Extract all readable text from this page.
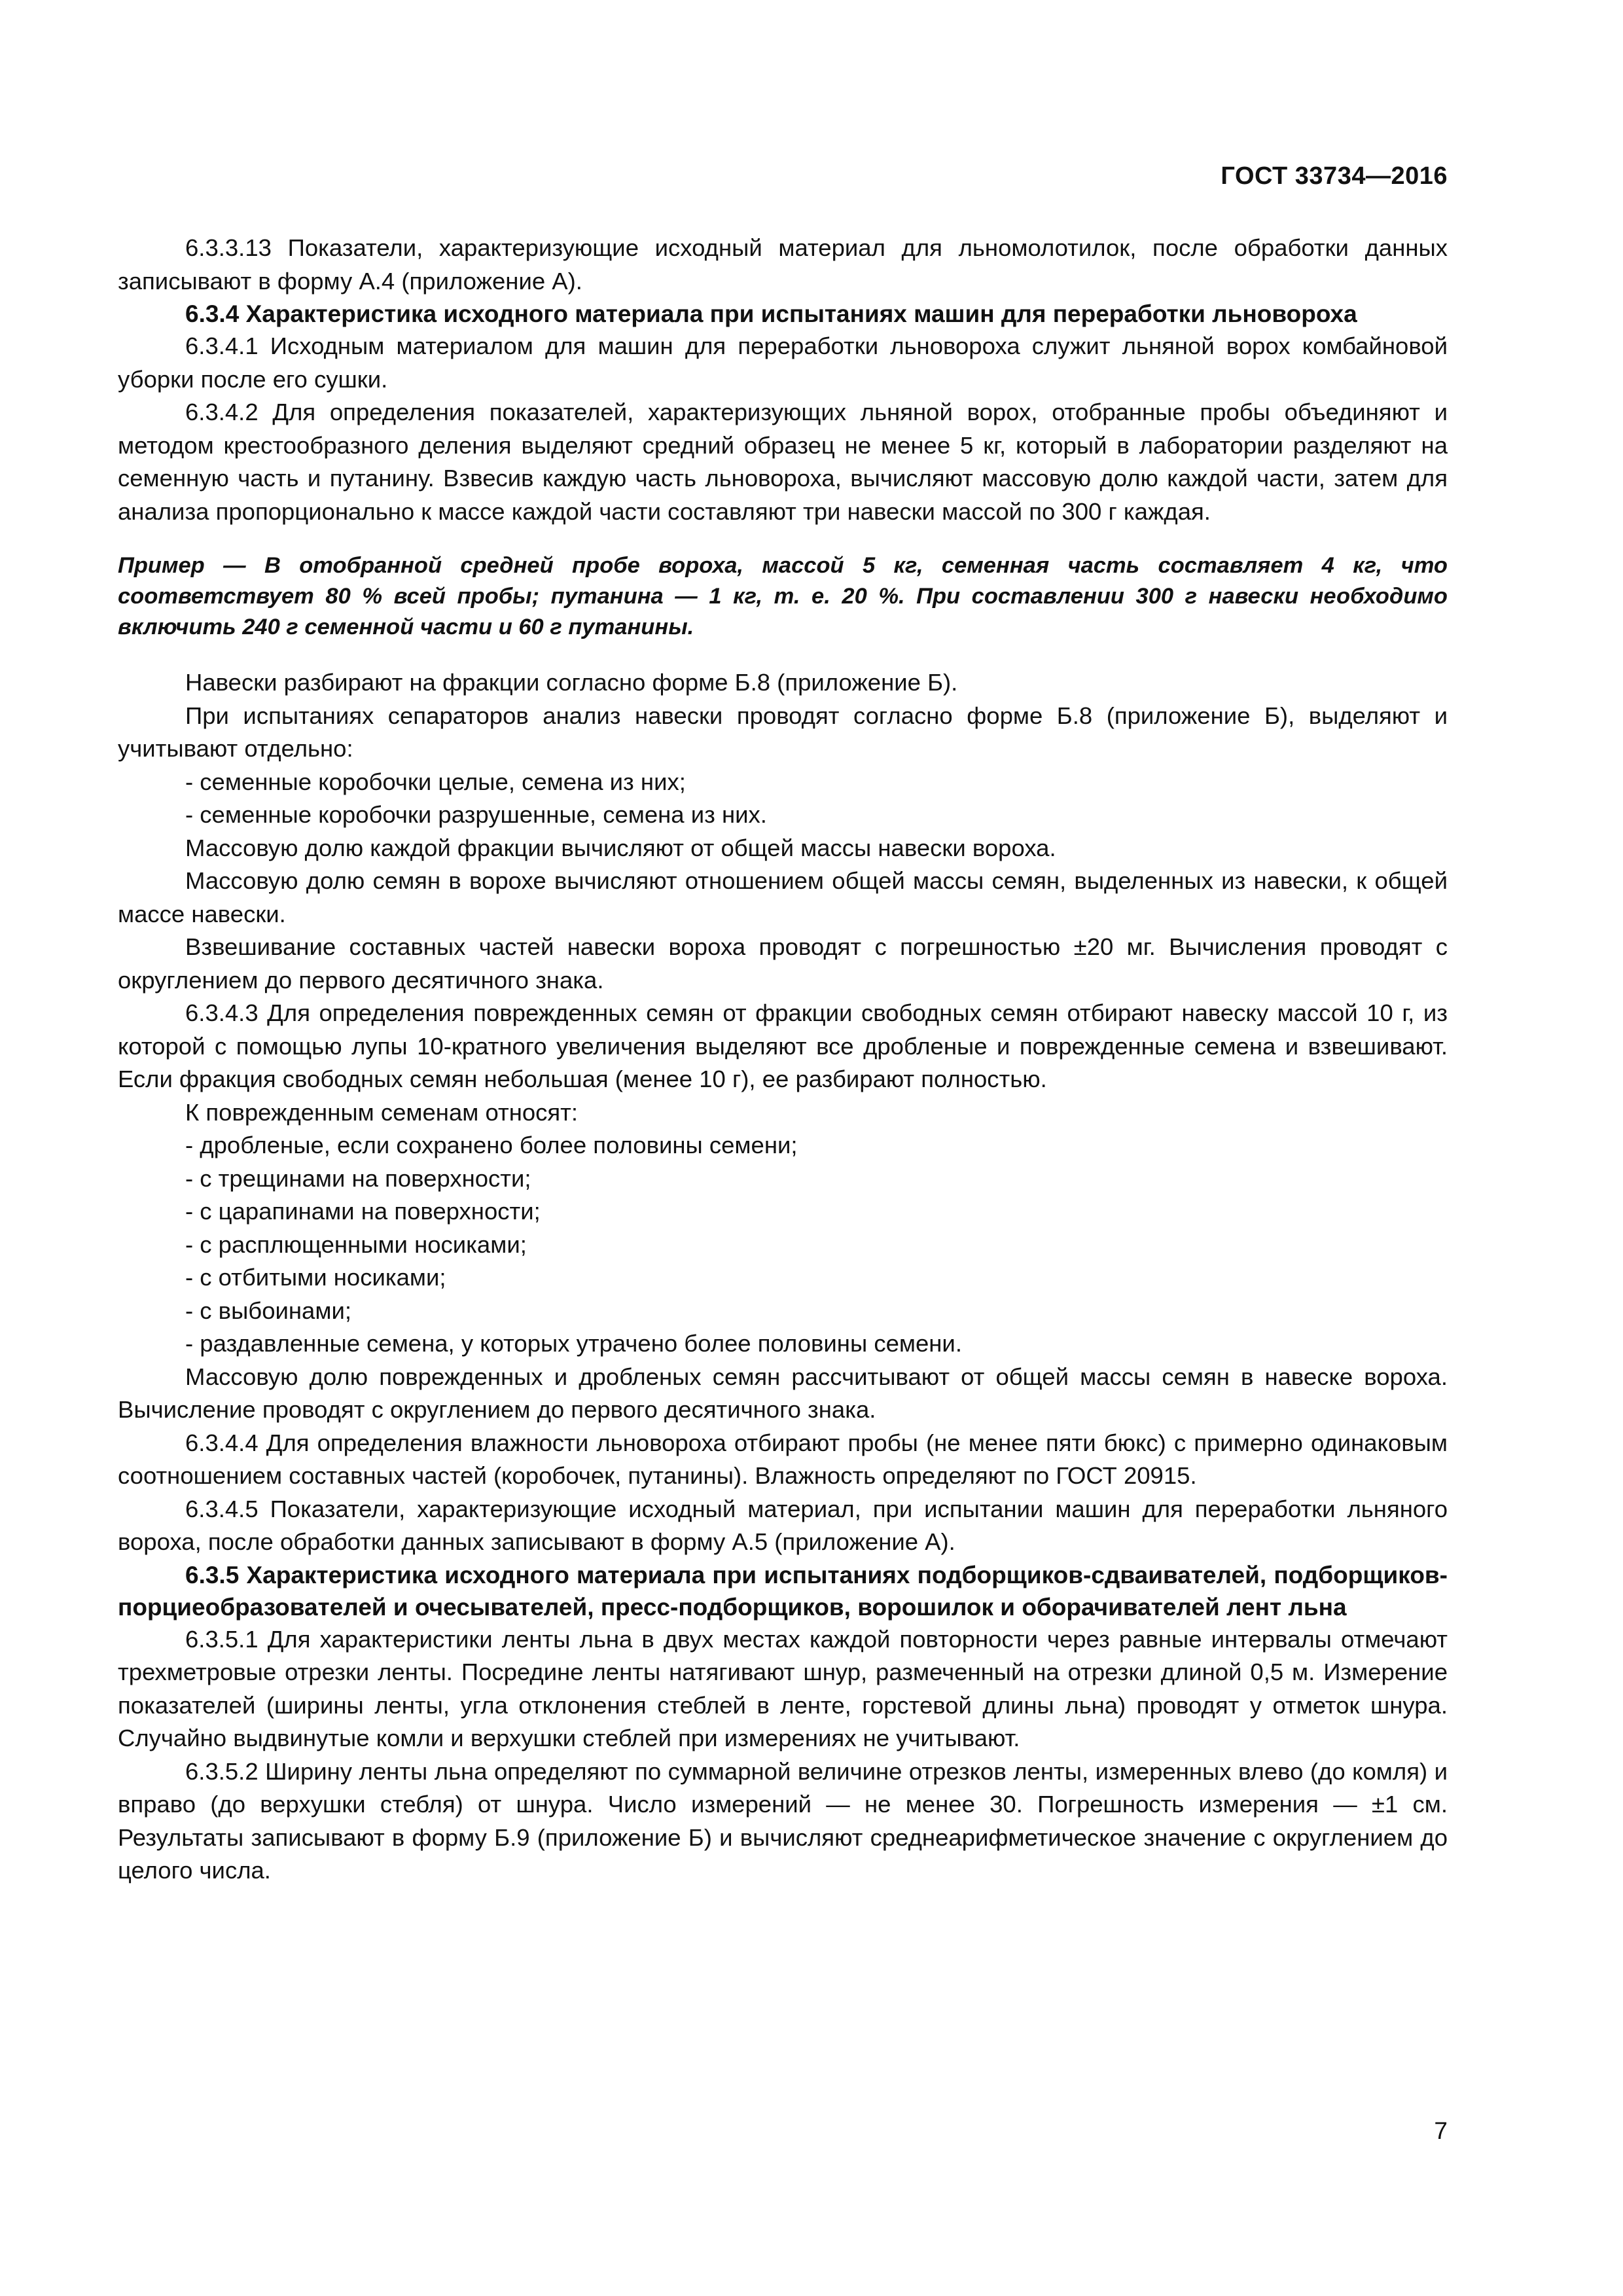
ГОСТ 33734—2016

6.3.3.13 Показатели, характеризующие исходный материал для льномолотилок, после обработки данных записывают в форму А.4 (приложение А).

6.3.4 Характеристика исходного материала при испытаниях машин для переработки льновороха

6.3.4.1 Исходным материалом для машин для переработки льновороха служит льняной ворох комбайновой уборки после его сушки.

6.3.4.2 Для определения показателей, характеризующих льняной ворох, отобранные пробы объединяют и методом крестообразного деления выделяют средний образец не менее 5 кг, который в лаборатории разделяют на семенную часть и путанину. Взвесив каждую часть льновороха, вычисляют массовую долю каждой части, затем для анализа пропорционально к массе каждой части составляют три навески массой по 300 г каждая.

Пример — В отобранной средней пробе вороха, массой 5 кг, семенная часть составляет 4 кг, что соответствует 80 % всей пробы; путанина — 1 кг, т. е. 20 %. При составлении 300 г навески необходимо включить 240 г семенной части и 60 г путанины.

Навески разбирают на фракции согласно форме Б.8 (приложение Б).

При испытаниях сепараторов анализ навески проводят согласно форме Б.8 (приложение Б), выделяют и учитывают отдельно:

- семенные коробочки целые, семена из них;

- семенные коробочки разрушенные, семена из них.

Массовую долю каждой фракции вычисляют от общей массы навески вороха.

Массовую долю семян в ворохе вычисляют отношением общей массы семян, выделенных из навески, к общей массе навески.

Взвешивание составных частей навески вороха проводят с погрешностью ±20 мг. Вычисления проводят с округлением до первого десятичного знака.

6.3.4.3 Для определения поврежденных семян от фракции свободных семян отбирают навеску массой 10 г, из которой с помощью лупы 10-кратного увеличения выделяют все дробленые и поврежденные семена и взвешивают. Если фракция свободных семян небольшая (менее 10 г), ее разбирают полностью.

К поврежденным семенам относят:

- дробленые, если сохранено более половины семени;

- с трещинами на поверхности;

- с царапинами на поверхности;

- с расплющенными носиками;

- с отбитыми носиками;

- с выбоинами;

- раздавленные семена, у которых утрачено более половины семени.

Массовую долю поврежденных и дробленых семян рассчитывают от общей массы семян в навеске вороха. Вычисление проводят с округлением до первого десятичного знака.

6.3.4.4 Для определения влажности льновороха отбирают пробы (не менее пяти бюкс) с примерно одинаковым соотношением составных частей (коробочек, путанины). Влажность определяют по ГОСТ 20915.

6.3.4.5 Показатели, характеризующие исходный материал, при испытании машин для переработки льняного вороха, после обработки данных записывают в форму А.5 (приложение А).

6.3.5 Характеристика исходного материала при испытаниях подборщиков-сдваивателей, подборщиков-порциеобразователей и очесывателей, пресс-подборщиков, ворошилок и оборачивателей лент льна

6.3.5.1 Для характеристики ленты льна в двух местах каждой повторности через равные интервалы отмечают трехметровые отрезки ленты. Посредине ленты натягивают шнур, размеченный на отрезки длиной 0,5 м. Измерение показателей (ширины ленты, угла отклонения стеблей в ленте, горстевой длины льна) проводят у отметок шнура. Случайно выдвинутые комли и верхушки стеблей при измерениях не учитывают.

6.3.5.2 Ширину ленты льна определяют по суммарной величине отрезков ленты, измеренных влево (до комля) и вправо (до верхушки стебля) от шнура. Число измерений — не менее 30. Погрешность измерения — ±1 см. Результаты записывают в форму Б.9 (приложение Б) и вычисляют среднеарифметическое значение с округлением до целого числа.

7
